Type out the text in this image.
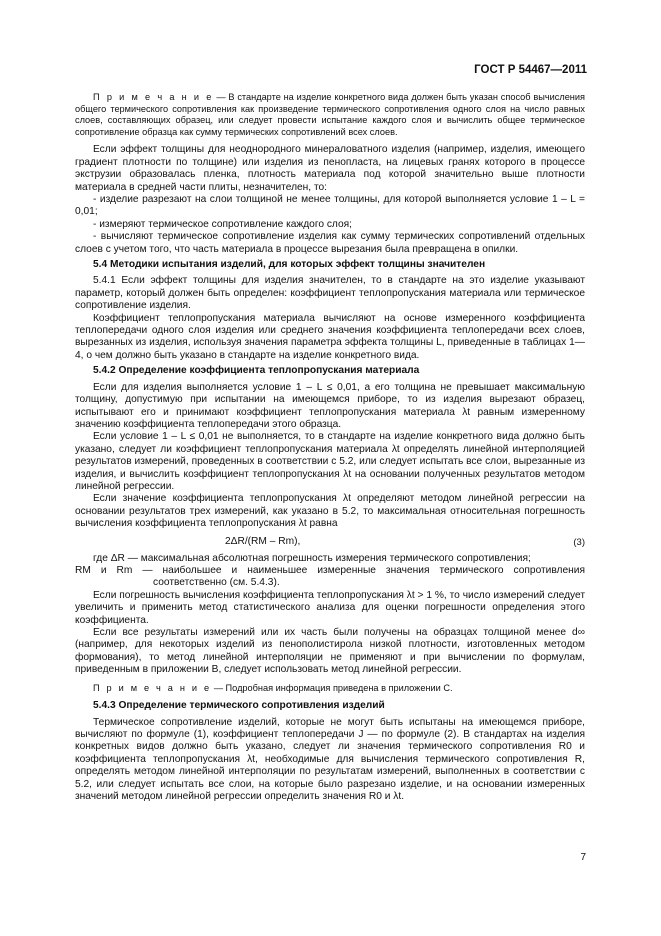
ГОСТ Р 54467—2011

П р и м е ч а н и е — В стандарте на изделие конкретного вида должен быть указан способ вычисления общего термического сопротивления как произведение термического сопротивления одного слоя на число равных слоев, составляющих образец, или следует провести испытание каждого слоя и вычислить общее термическое сопротивление образца как сумму термических сопротивлений всех слоев.

Если эффект толщины для неоднородного минераловатного изделия (например, изделия, имеющего градиент плотности по толщине) или изделия из пенопласта, на лицевых гранях которого в процессе экструзии образовалась пленка, плотность материала под которой значительно выше плотности материала в средней части плиты, незначителен, то:

- изделие разрезают на слои толщиной не менее толщины, для которой выполняется условие 1 – L = 0,01;

- измеряют термическое сопротивление каждого слоя;

- вычисляют термическое сопротивление изделия как сумму термических сопротивлений отдельных слоев с учетом того, что часть материала в процессе вырезания была превращена в опилки.

5.4 Методики испытания изделий, для которых эффект толщины значителен

5.4.1 Если эффект толщины для изделия значителен, то в стандарте на это изделие указывают параметр, который должен быть определен: коэффициент теплопропускания материала или термическое сопротивление изделия.

Коэффициент теплопропускания материала вычисляют на основе измеренного коэффициента теплопередачи одного слоя изделия или среднего значения коэффициента теплопередачи всех слоев, вырезанных из изделия, используя значения параметра эффекта толщины L, приведенные в таблицах 1—4, о чем должно быть указано в стандарте на изделие конкретного вида.

5.4.2 Определение коэффициента теплопропускания материала

Если для изделия выполняется условие 1 – L ≤ 0,01, а его толщина не превышает максимальную толщину, допустимую при испытании на имеющемся приборе, то из изделия вырезают образец, испытывают его и принимают коэффициент теплопропускания материала λt равным измеренному значению коэффициента теплопередачи этого образца.

Если условие 1 – L ≤ 0,01 не выполняется, то в стандарте на изделие конкретного вида должно быть указано, следует ли коэффициент теплопропускания материала λt определять линейной интерполяцией результатов измерений, проведенных в соответствии с 5.2, или следует испытать все слои, вырезанные из изделия, и вычислить коэффициент теплопропускания λt на основании полученных результатов методом линейной регрессии.

Если значение коэффициента теплопропускания λt определяют методом линейной регрессии на основании результатов трех измерений, как указано в 5.2, то максимальная относительная погрешность вычисления коэффициента теплопропускания λt равна

2ΔR/(RM – Rm),	(3)

где ΔR — максимальная абсолютная погрешность измерения термического сопротивления;

RM и Rm — наибольшее и наименьшее измеренные значения термического сопротивления соответственно (см. 5.4.3).

Если погрешность вычисления коэффициента теплопропускания λt > 1 %, то число измерений следует увеличить и применить метод статистического анализа для оценки погрешности определения этого коэффициента.

Если все результаты измерений или их часть были получены на образцах толщиной менее d∞ (например, для некоторых изделий из пенополистирола низкой плотности, изготовленных методом формования), то метод линейной интерполяции не применяют и при вычислении по формулам, приведенным в приложении В, следует использовать метод линейной регрессии.

П р и м е ч а н и е — Подробная информация приведена в приложении С.

5.4.3 Определение термического сопротивления изделий

Термическое сопротивление изделий, которые не могут быть испытаны на имеющемся приборе, вычисляют по формуле (1), коэффициент теплопередачи J — по формуле (2). В стандартах на изделия конкретных видов должно быть указано, следует ли значения термического сопротивления R0 и коэффициента теплопропускания λt, необходимые для вычисления термического сопротивления R, определять методом линейной интерполяции по результатам измерений, выполненных в соответствии с 5.2, или следует испытать все слои, на которые было разрезано изделие, и на основании измеренных значений методом линейной регрессии определить значения R0 и λt.

7
